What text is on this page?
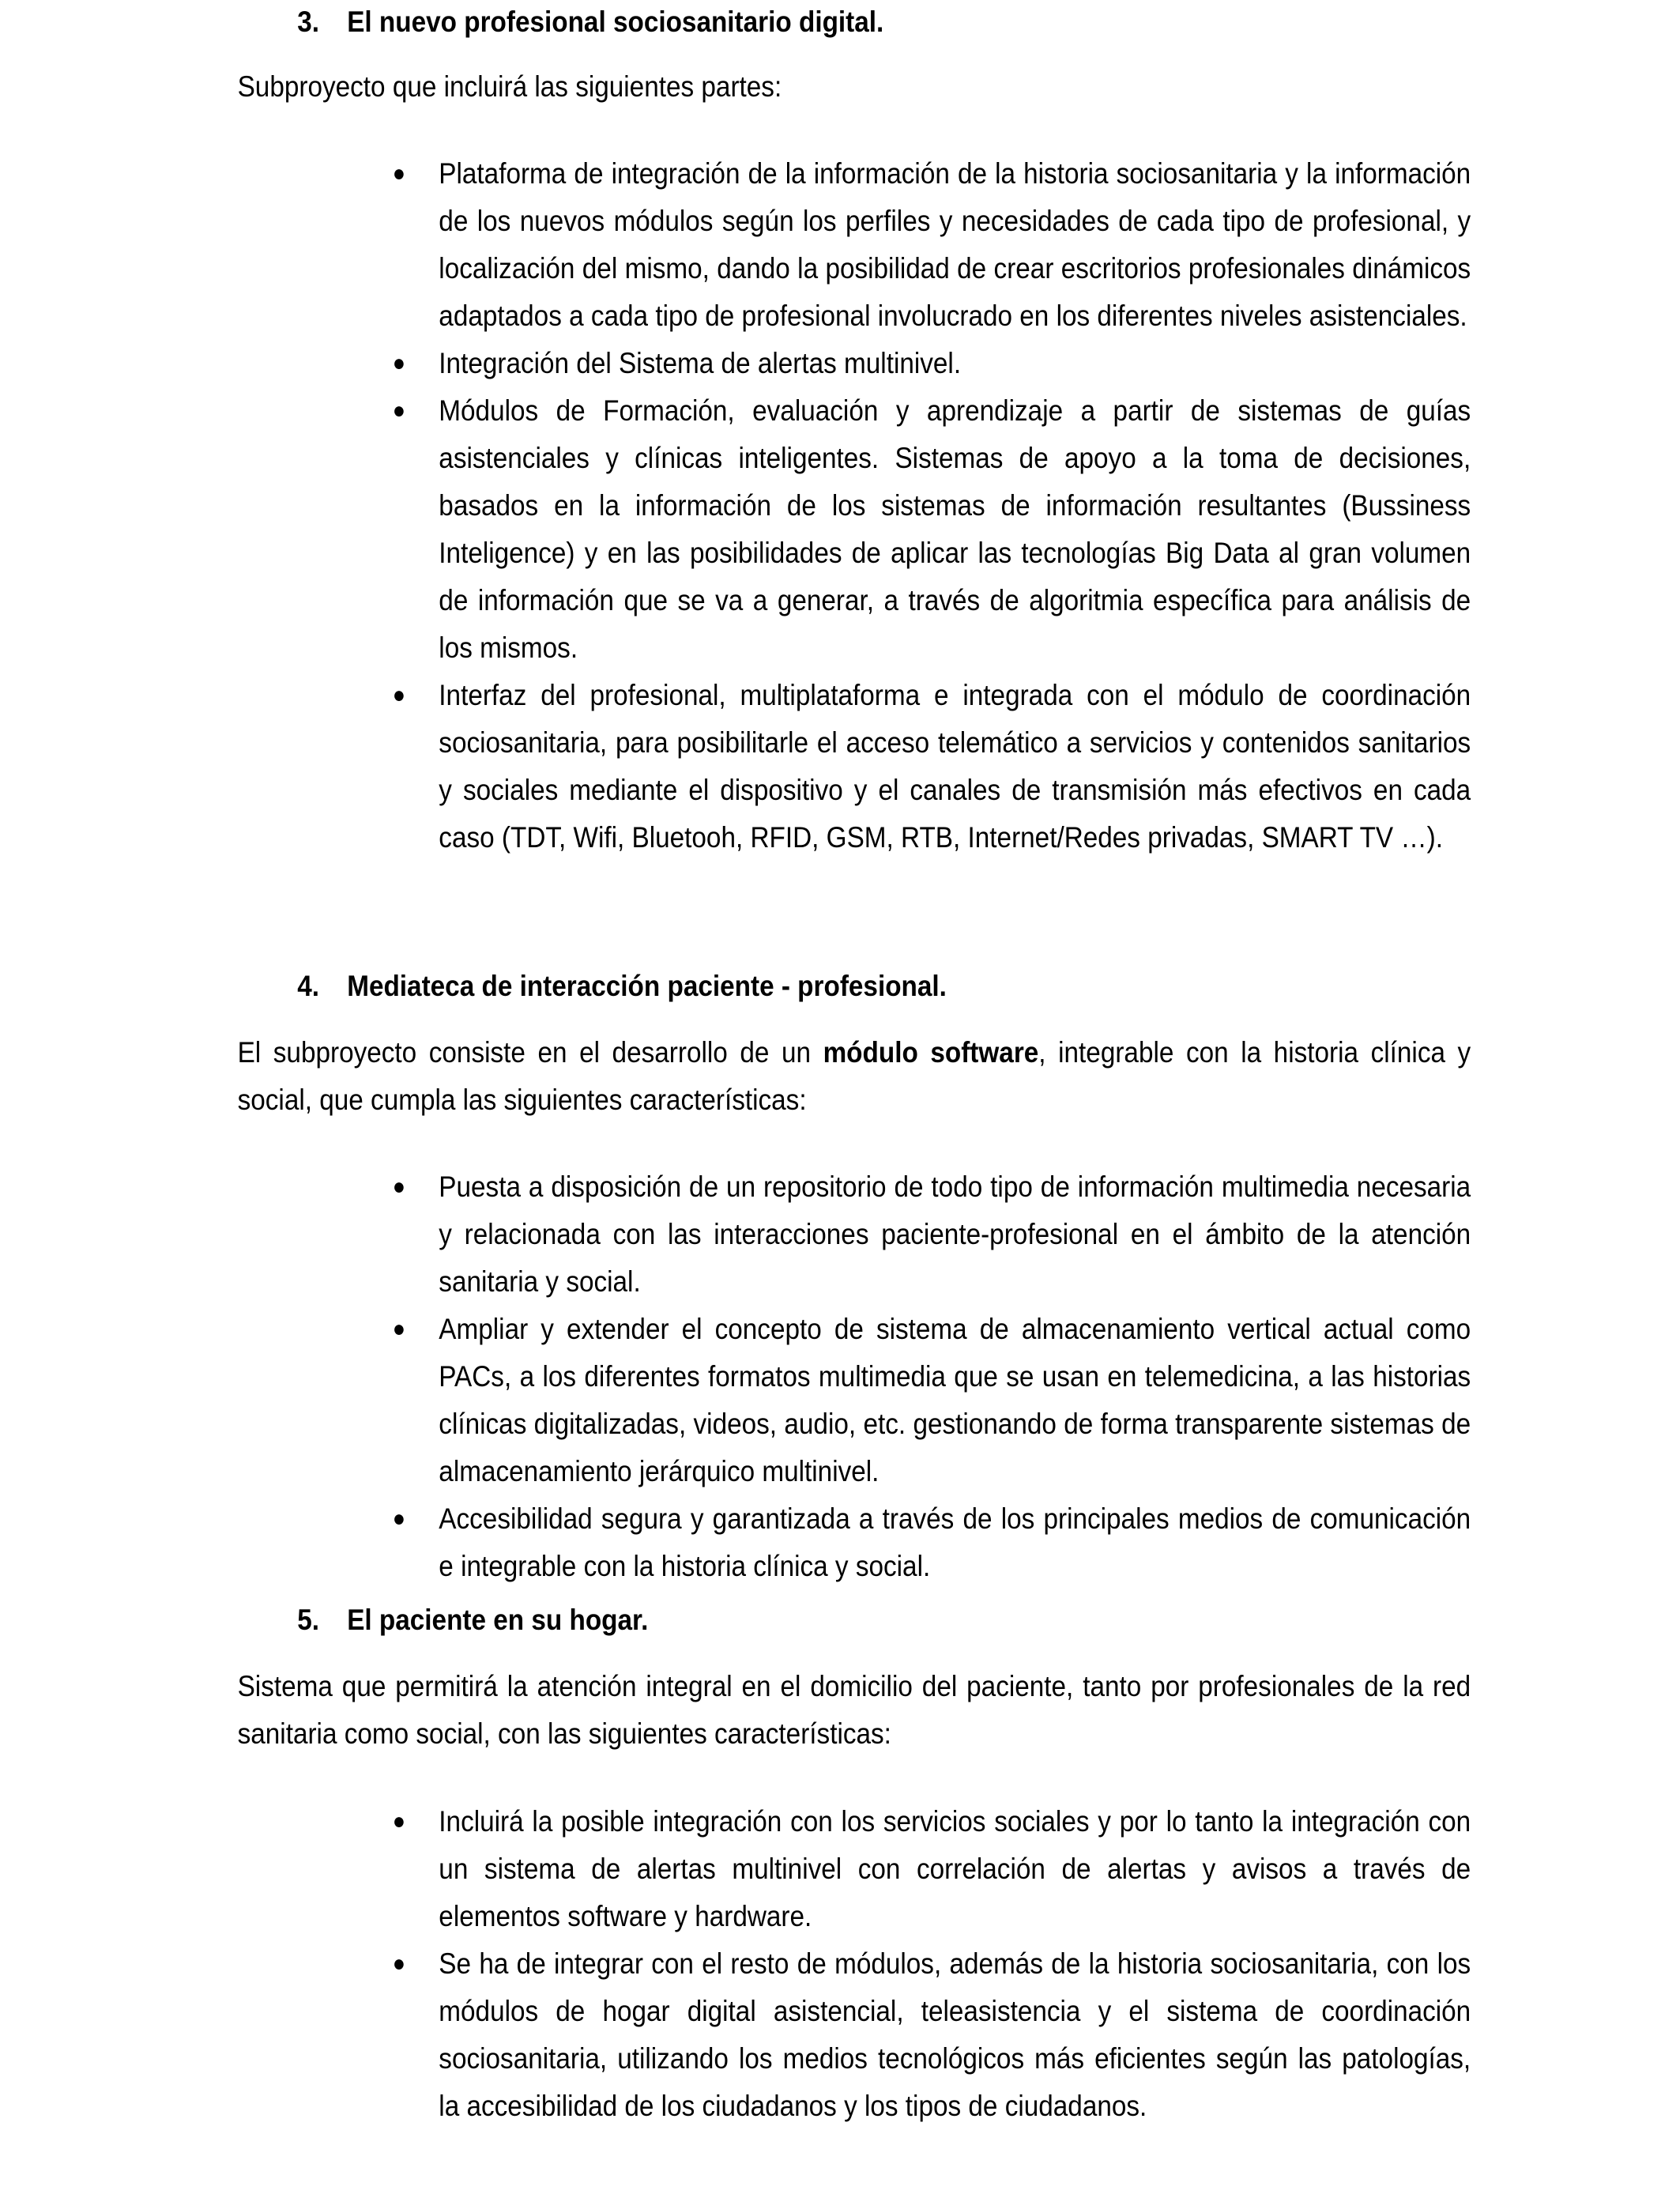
3. El nuevo profesional sociosanitario digital.
Subproyecto que incluirá las siguientes partes:
● Plataforma de integración de la información de la historia sociosanitaria y la información de los nuevos módulos según los perfiles y necesidades de cada tipo de profesional, y localización del mismo, dando la posibilidad de crear escritorios profesionales dinámicos adaptados a cada tipo de profesional involucrado en los diferentes niveles asistenciales.
● Integración del Sistema de alertas multinivel.
● Módulos de Formación, evaluación y aprendizaje a partir de sistemas de guías asistenciales y clínicas inteligentes. Sistemas de apoyo a la toma de decisiones, basados en la información de los sistemas de información resultantes (Bussiness Inteligence) y en las posibilidades de aplicar las tecnologías Big Data al gran volumen de información que se va a generar, a través de algoritmia específica para análisis de los mismos.
● Interfaz del profesional, multiplataforma e integrada con el módulo de coordinación sociosanitaria, para posibilitarle el acceso telemático a servicios y contenidos sanitarios y sociales mediante el dispositivo y el canales de transmisión más efectivos en cada caso (TDT, Wifi, Bluetooh, RFID, GSM, RTB, Internet/Redes privadas, SMART TV …).
4. Mediateca de interacción paciente - profesional.
El subproyecto consiste en el desarrollo de un módulo software, integrable con la historia clínica y social, que cumpla las siguientes características:
● Puesta a disposición de un repositorio de todo tipo de información multimedia necesaria y relacionada con las interacciones paciente-profesional en el ámbito de la atención sanitaria y social.
● Ampliar y extender el concepto de sistema de almacenamiento vertical actual como PACs, a los diferentes formatos multimedia que se usan en telemedicina, a las historias clínicas digitalizadas, videos, audio, etc. gestionando de forma transparente sistemas de almacenamiento jerárquico multinivel.
● Accesibilidad segura y garantizada a través de los principales medios de comunicación e integrable con la historia clínica y social.
5. El paciente en su hogar.
Sistema que permitirá la atención integral en el domicilio del paciente, tanto por profesionales de la red sanitaria como social, con las siguientes características:
● Incluirá la posible integración con los servicios sociales y por lo tanto la integración con un sistema de alertas multinivel con correlación de alertas y avisos a través de elementos software y hardware.
● Se ha de integrar con el resto de módulos, además de la historia sociosanitaria, con los módulos de hogar digital asistencial, teleasistencia y el sistema de coordinación sociosanitaria, utilizando los medios tecnológicos más eficientes según las patologías, la accesibilidad de los ciudadanos y los tipos de ciudadanos.
